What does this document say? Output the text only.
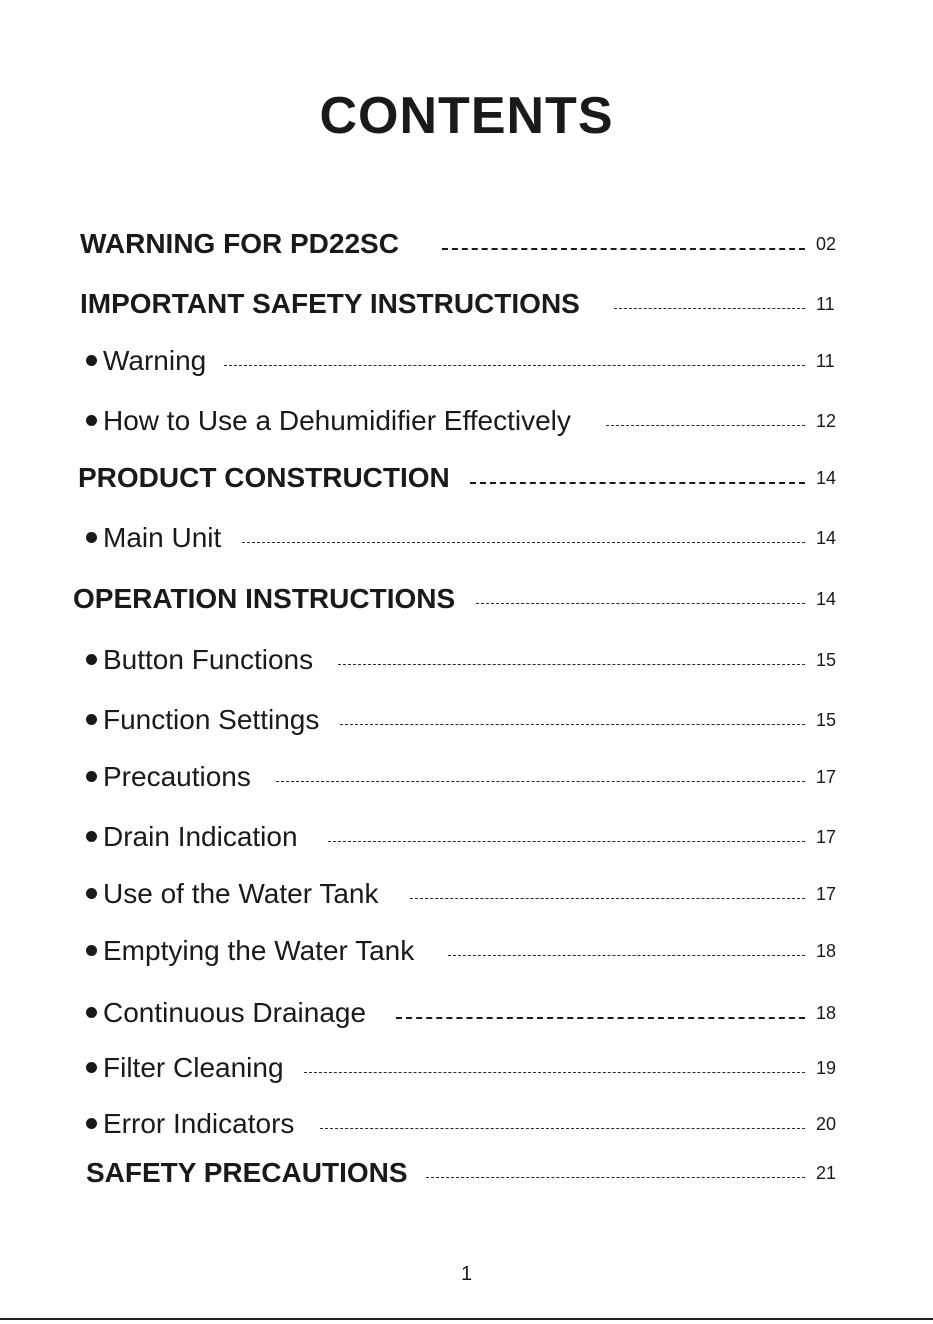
CONTENTS
WARNING FOR PD22SC	02
IMPORTANT SAFETY INSTRUCTIONS	11
Warning	11
How to Use a Dehumidifier Effectively	12
PRODUCT CONSTRUCTION	14
Main Unit	14
OPERATION INSTRUCTIONS	14
Button Functions	15
Function Settings	15
Precautions	17
Drain Indication	17
Use of the Water Tank	17
Emptying the Water Tank	18
Continuous Drainage	18
Filter Cleaning	19
Error Indicators	20
SAFETY PRECAUTIONS	21
1
